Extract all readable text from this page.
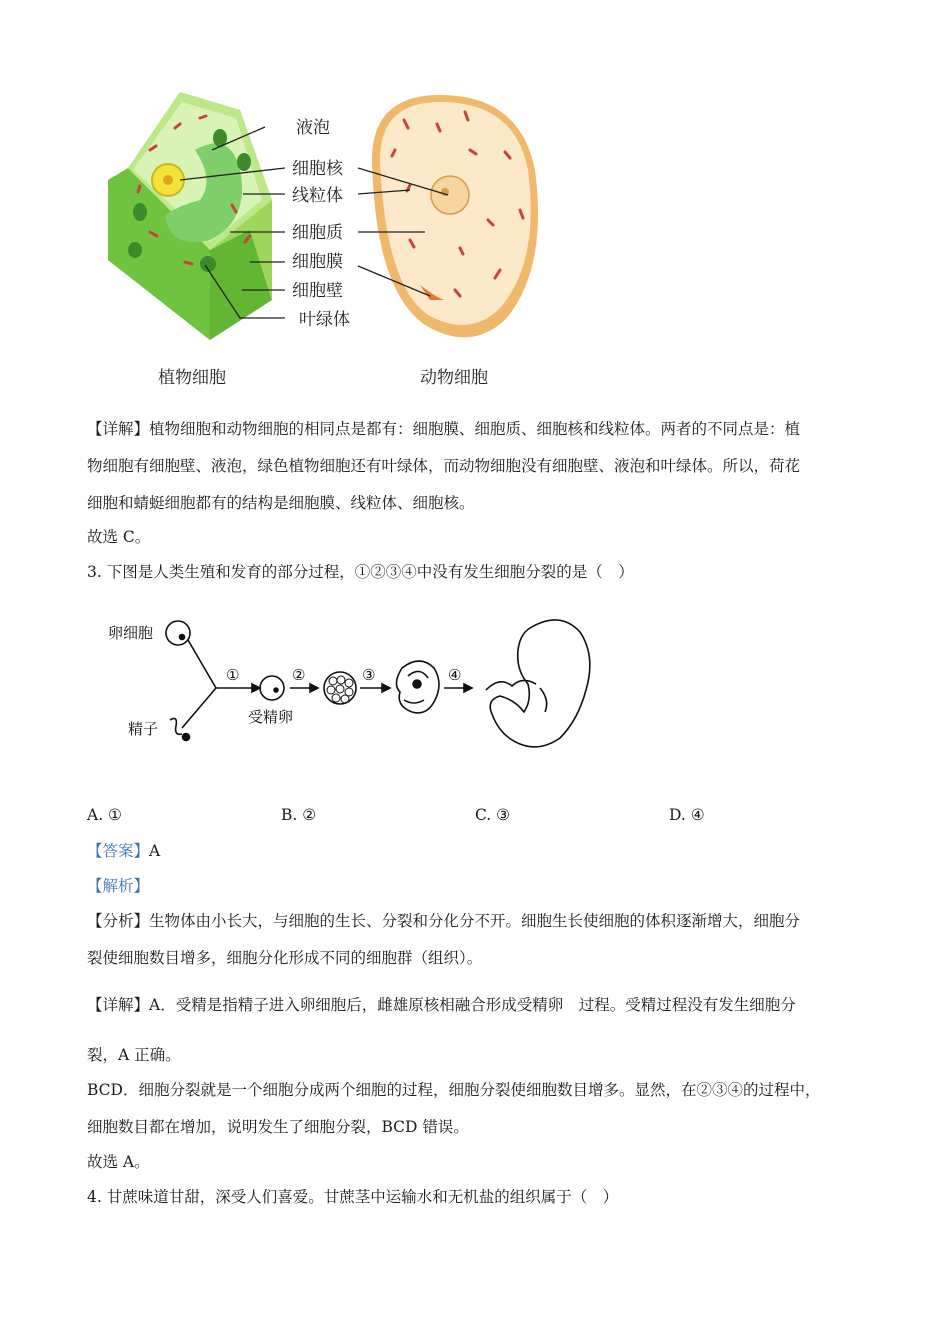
液泡
细胞核
线粒体
细胞质
细胞膜
细胞壁
叶绿体
植物细胞	动物细胞
【详解】植物细胞和动物细胞的相同点是都有：细胞膜、细胞质、细胞核和线粒体。两者的不同点是：植
物细胞有细胞壁、液泡，绿色植物细胞还有叶绿体，而动物细胞没有细胞壁、液泡和叶绿体。所以，荷花
细胞和蜻蜓细胞都有的结构是细胞膜、线粒体、细胞核。
故选 C。
3. 下图是人类生殖和发育的部分过程，①②③④中没有发生细胞分裂的是（　）
卵细胞
精子
受精卵
①	②	③	④
A. ①	B. ②	C. ③	D. ④
【答案】A
【解析】
【分析】生物体由小长大，与细胞的生长、分裂和分化分不开。细胞生长使细胞的体积逐渐增大，细胞分
裂使细胞数目增多，细胞分化形成不同的细胞群（组织）。
【详解】A．受精是指精子进入卵细胞后，雌雄原核相融合形成受精卵　过程。受精过程没有发生细胞分
裂，A 正确。
BCD．细胞分裂就是一个细胞分成两个细胞的过程，细胞分裂使细胞数目增多。显然，在②③④的过程中，
细胞数目都在增加，说明发生了细胞分裂，BCD 错误。
故选 A。
4. 甘蔗味道甘甜，深受人们喜爱。甘蔗茎中运输水和无机盐的组织属于（　）
